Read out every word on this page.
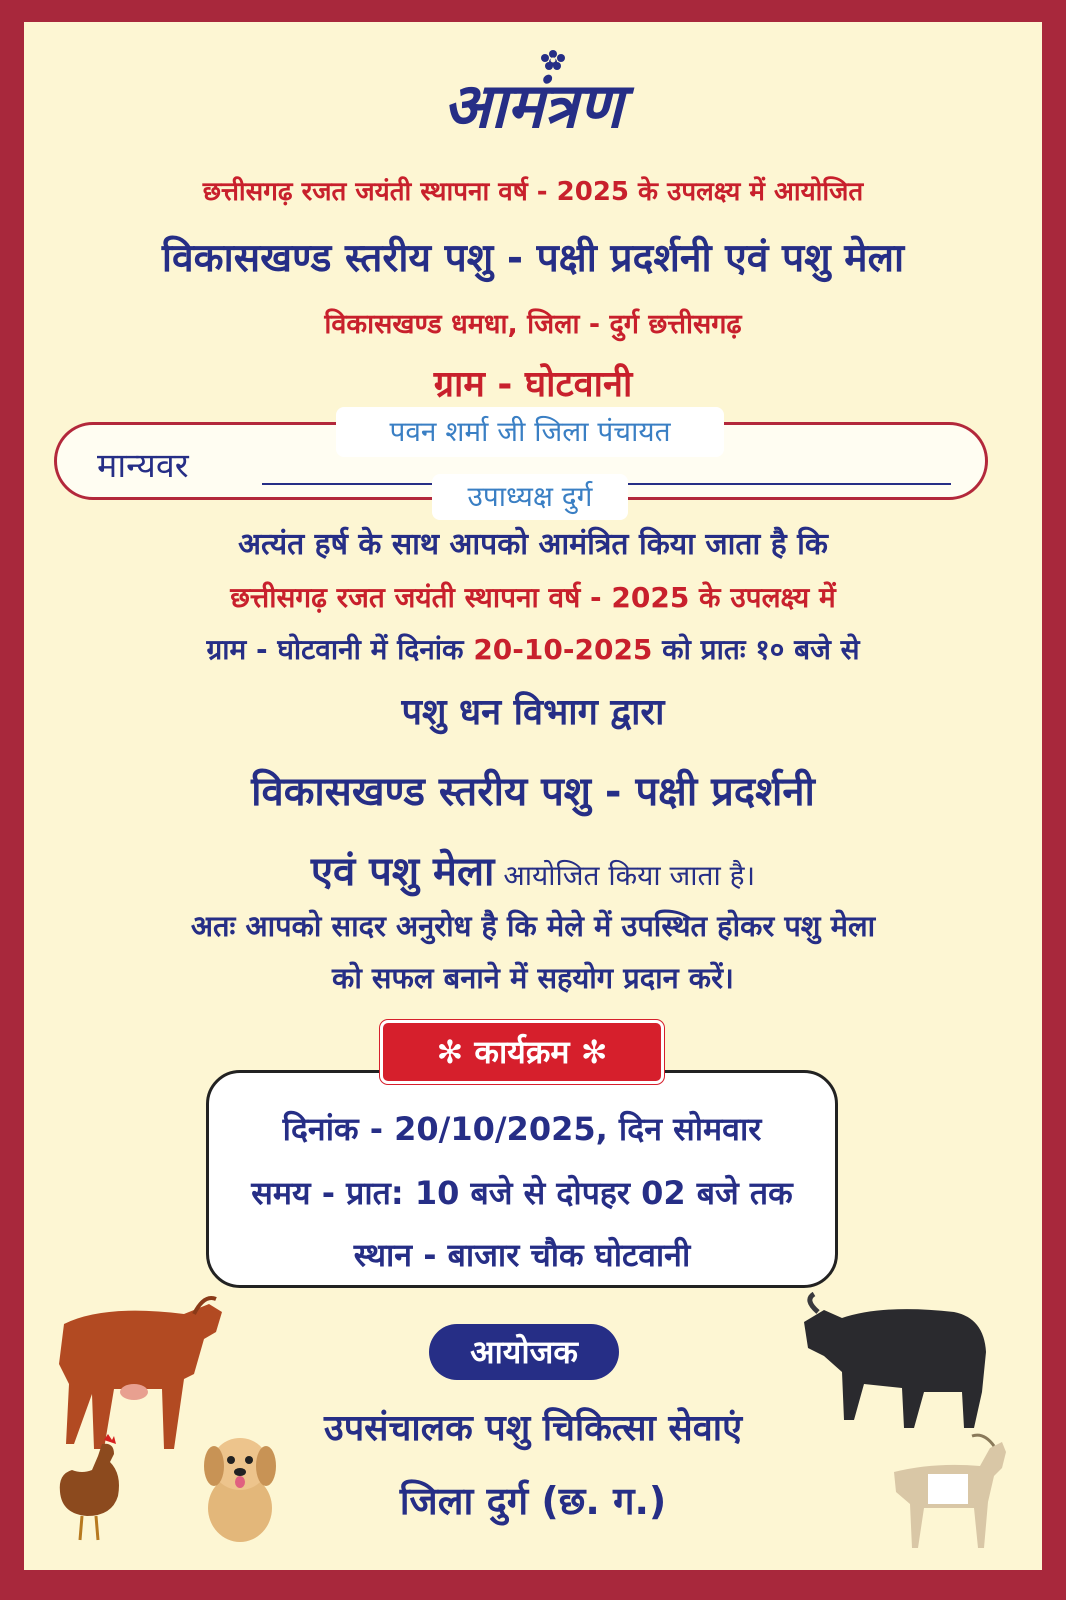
आमंत्रण
छत्तीसगढ़ रजत जयंती स्थापना वर्ष - 2025 के उपलक्ष्य में आयोजित
विकासखण्ड स्तरीय पशु - पक्षी प्रदर्शनी एवं पशु मेला
विकासखण्ड धमधा, जिला - दुर्ग छत्तीसगढ़
ग्राम - घोटवानी
मान्यवर
पवन शर्मा जी जिला पंचायत
उपाध्यक्ष दुर्ग
अत्यंत हर्ष के साथ आपको आमंत्रित किया जाता है कि
छत्तीसगढ़ रजत जयंती स्थापना वर्ष - 2025 के उपलक्ष्य में
ग्राम - घोटवानी में दिनांक 20-10-2025 को प्रातः १० बजे से
पशु धन विभाग द्वारा
विकासखण्ड स्तरीय पशु - पक्षी प्रदर्शनी
एवं पशु मेला आयोजित किया जाता है।
अतः आपको सादर अनुरोध है कि मेले में उपस्थित होकर पशु मेला
को सफल बनाने में सहयोग प्रदान करें।
दिनांक - 20/10/2025, दिन सोमवार
समय - प्रात: 10 बजे से दोपहर 02 बजे तक
स्थान - बाजार चौक घोटवानी
✻ कार्यक्रम ✻
आयोजक
उपसंचालक पशु चिकित्सा सेवाएं
जिला दुर्ग (छ. ग.)
